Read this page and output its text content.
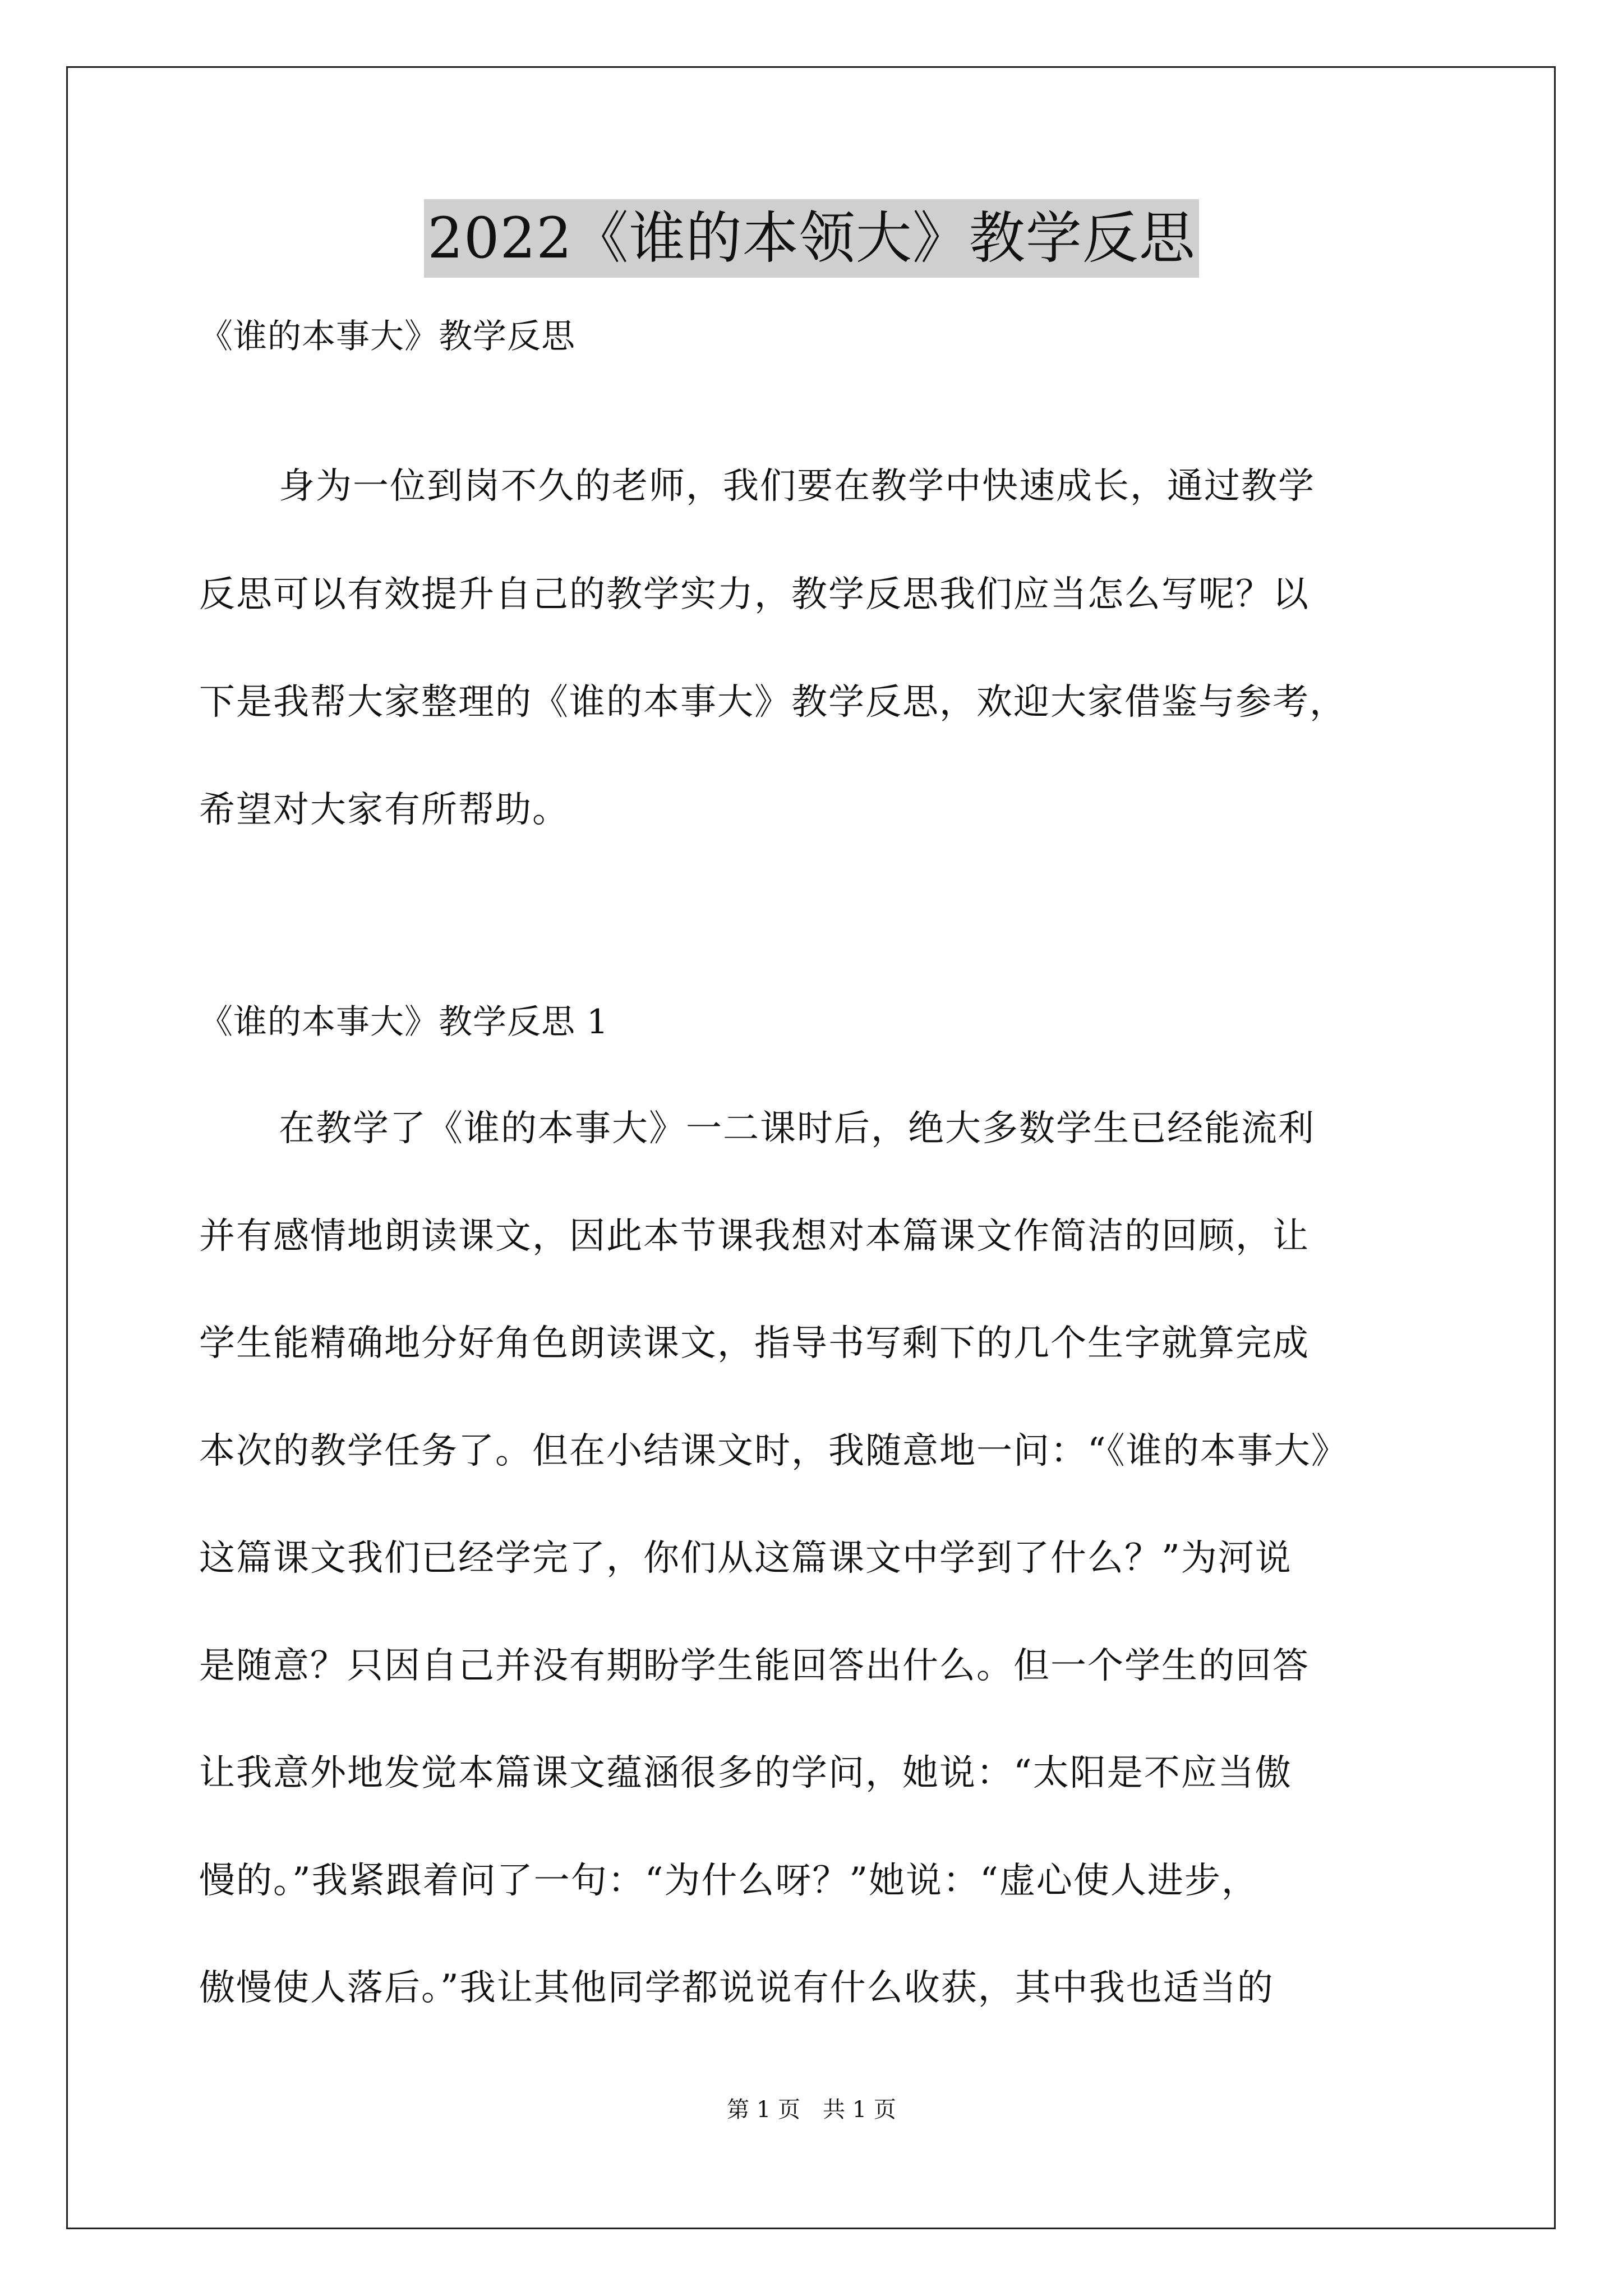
2022《谁的本领大》教学反思
《谁的本事大》教学反思
身为一位到岗不久的老师，我们要在教学中快速成长，通过教学
反思可以有效提升自己的教学实力，教学反思我们应当怎么写呢？以
下是我帮大家整理的《谁的本事大》教学反思，欢迎大家借鉴与参考，
希望对大家有所帮助。
《谁的本事大》教学反思 1
在教学了《谁的本事大》一二课时后，绝大多数学生已经能流利
并有感情地朗读课文，因此本节课我想对本篇课文作简洁的回顾，让
学生能精确地分好角色朗读课文，指导书写剩下的几个生字就算完成
本次的教学任务了。但在小结课文时，我随意地一问：“《谁的本事大》
这篇课文我们已经学完了，你们从这篇课文中学到了什么？”为河说
是随意？只因自己并没有期盼学生能回答出什么。但一个学生的回答
让我意外地发觉本篇课文蕴涵很多的学问，她说：“太阳是不应当傲
慢的。”我紧跟着问了一句：“为什么呀？”她说：“虚心使人进步，
傲慢使人落后。”我让其他同学都说说有什么收获，其中我也适当的
第 1 页　共 1 页
